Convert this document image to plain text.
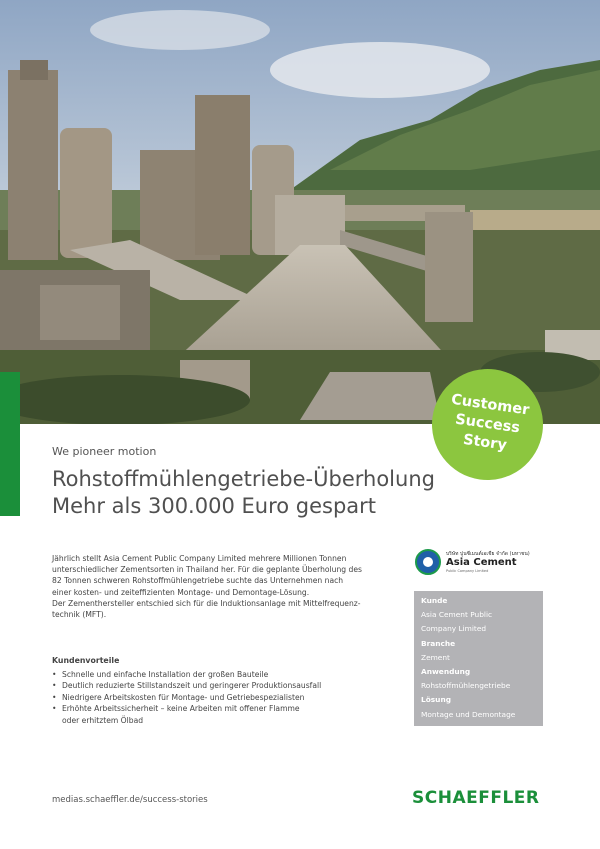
Customer
Success
Story
We pioneer motion
Rohstoffmühlengetriebe-Überholung
Mehr als 300.000 Euro gespart
Jährlich stellt Asia Cement Public Company Limited mehrere Millionen Tonnen
unterschiedlicher Zementsorten in Thailand her. Für die geplante Überholung des
82 Tonnen schweren Rohstoffmühlengetriebe suchte das Unternehmen nach
einer kosten- und zeiteffizienten Montage- und Demontage-Lösung.
Der Zementhersteller entschied sich für die Induktionsanlage mit Mittelfrequenz-
technik (MFT).
Kundenvorteile
• Schnelle und einfache Installation der großen Bauteile
• Deutlich reduzierte Stillstandszeit und geringerer Produktionsausfall
• Niedrigere Arbeitskosten für Montage- und Getriebespezialisten
• Erhöhte Arbeitssicherheit – keine Arbeiten mit offener Flamme
oder erhitztem Ölbad
บริษัท ปูนซีเมนต์เอเชีย จำกัด (มหาชน)
Asia Cement
Public Company Limited
Kunde
Asia Cement Public
Company Limited
Branche
Zement
Anwendung
Rohstoffmühlengetriebe
Lösung
Montage und Demontage
medias.schaeffler.de/success-stories	SCHAEFFLER
